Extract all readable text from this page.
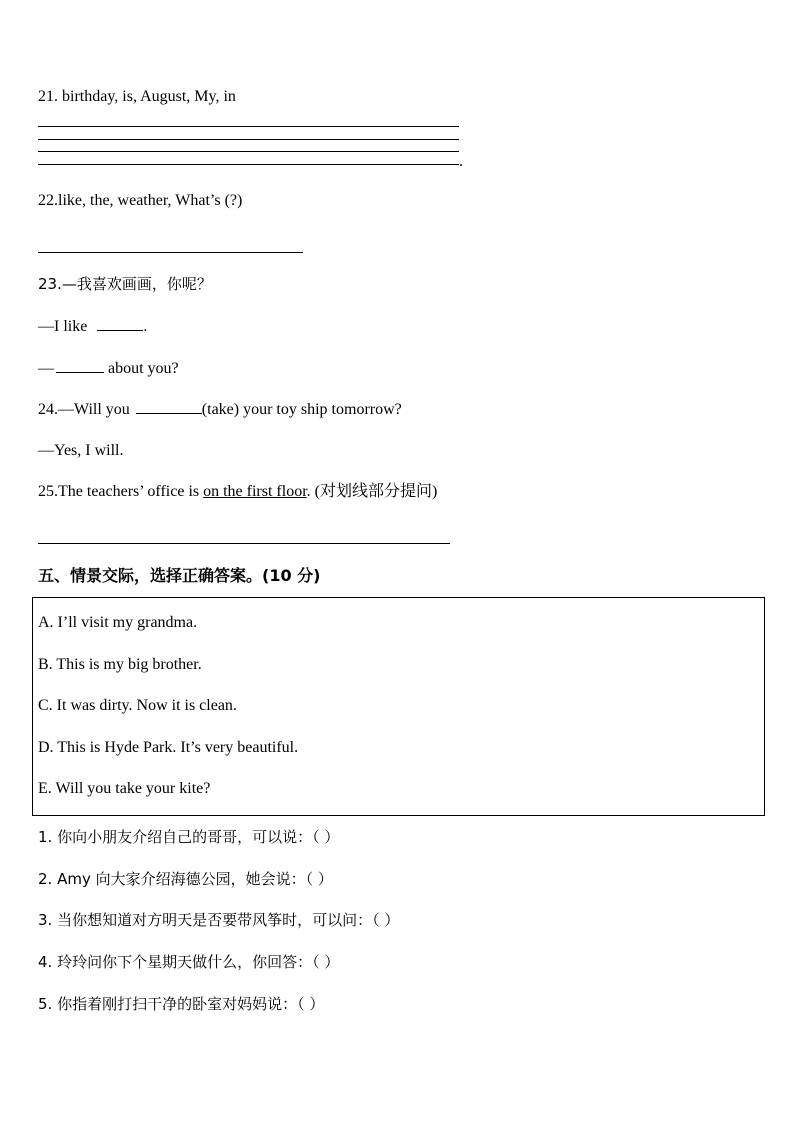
21. birthday, is, August, My, in
.
22.like, the, weather, What’s (?)
23.—我喜欢画画，你呢？
—I like	.
—	about you?
24.—Will you	(take) your toy ship tomorrow?
—Yes, I will.
25.The teachers’ office is on the first floor. (对划线部分提问)
五、情景交际，选择正确答案。(10 分)
A. I’ll visit my grandma.
B. This is my big brother.
C. It was dirty. Now it is clean.
D. This is Hyde Park. It’s very beautiful.
E. Will you take your kite?
1. 你向小朋友介绍自己的哥哥，可以说：（ ）
2. Amy 向大家介绍海德公园，她会说：（ ）
3. 当你想知道对方明天是否要带风筝时，可以问：（ ）
4. 玲玲问你下个星期天做什么，你回答：（ ）
5. 你指着刚打扫干净的卧室对妈妈说：（ ）
